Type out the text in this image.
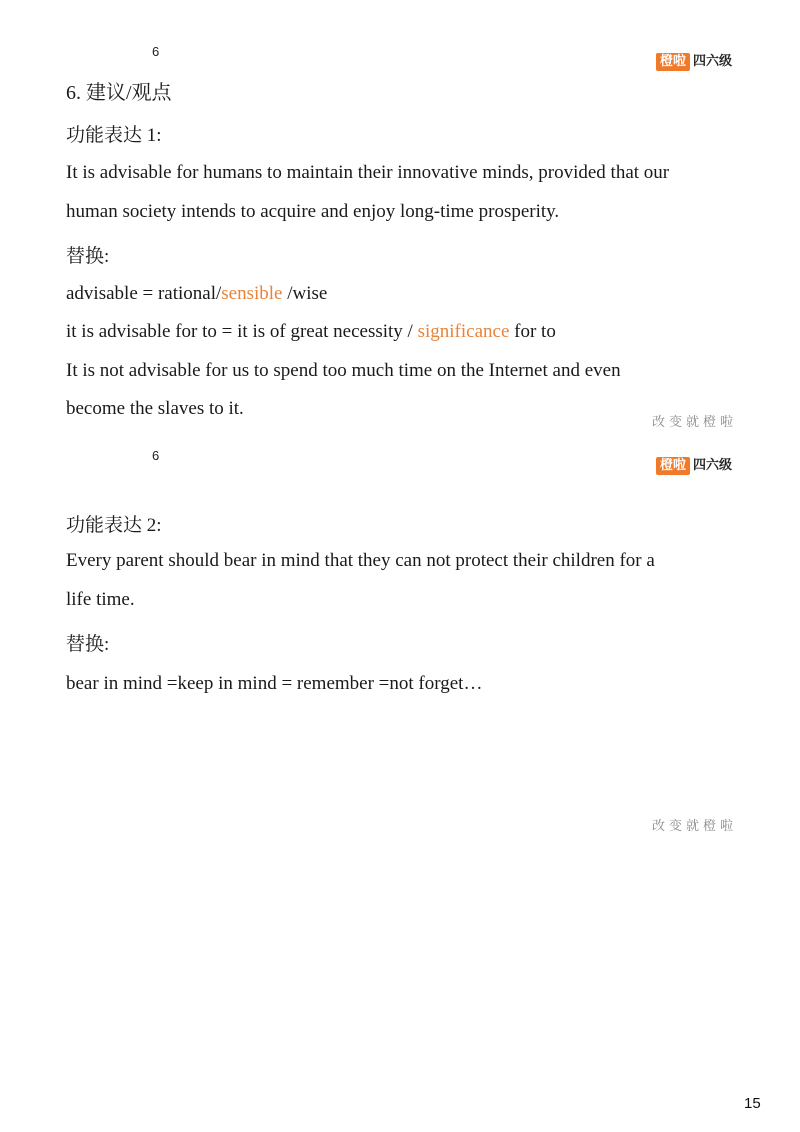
6
橙啦 四六级
6. 建议/观点
功能表达 1:
It is advisable for humans to maintain their innovative minds, provided that our
human society intends to acquire and enjoy long-time prosperity.
替换:
advisable = rational/sensible /wise
it is advisable for to = it is of great necessity / significance for to
It is not advisable for us to spend too much time on the Internet and even
become the slaves to it.
改变就橙啦
6
橙啦 四六级
功能表达 2:
Every parent should bear in mind that they can not protect their children for a
life time.
替换:
bear in mind =keep in mind = remember =not forget…
改变就橙啦
15
